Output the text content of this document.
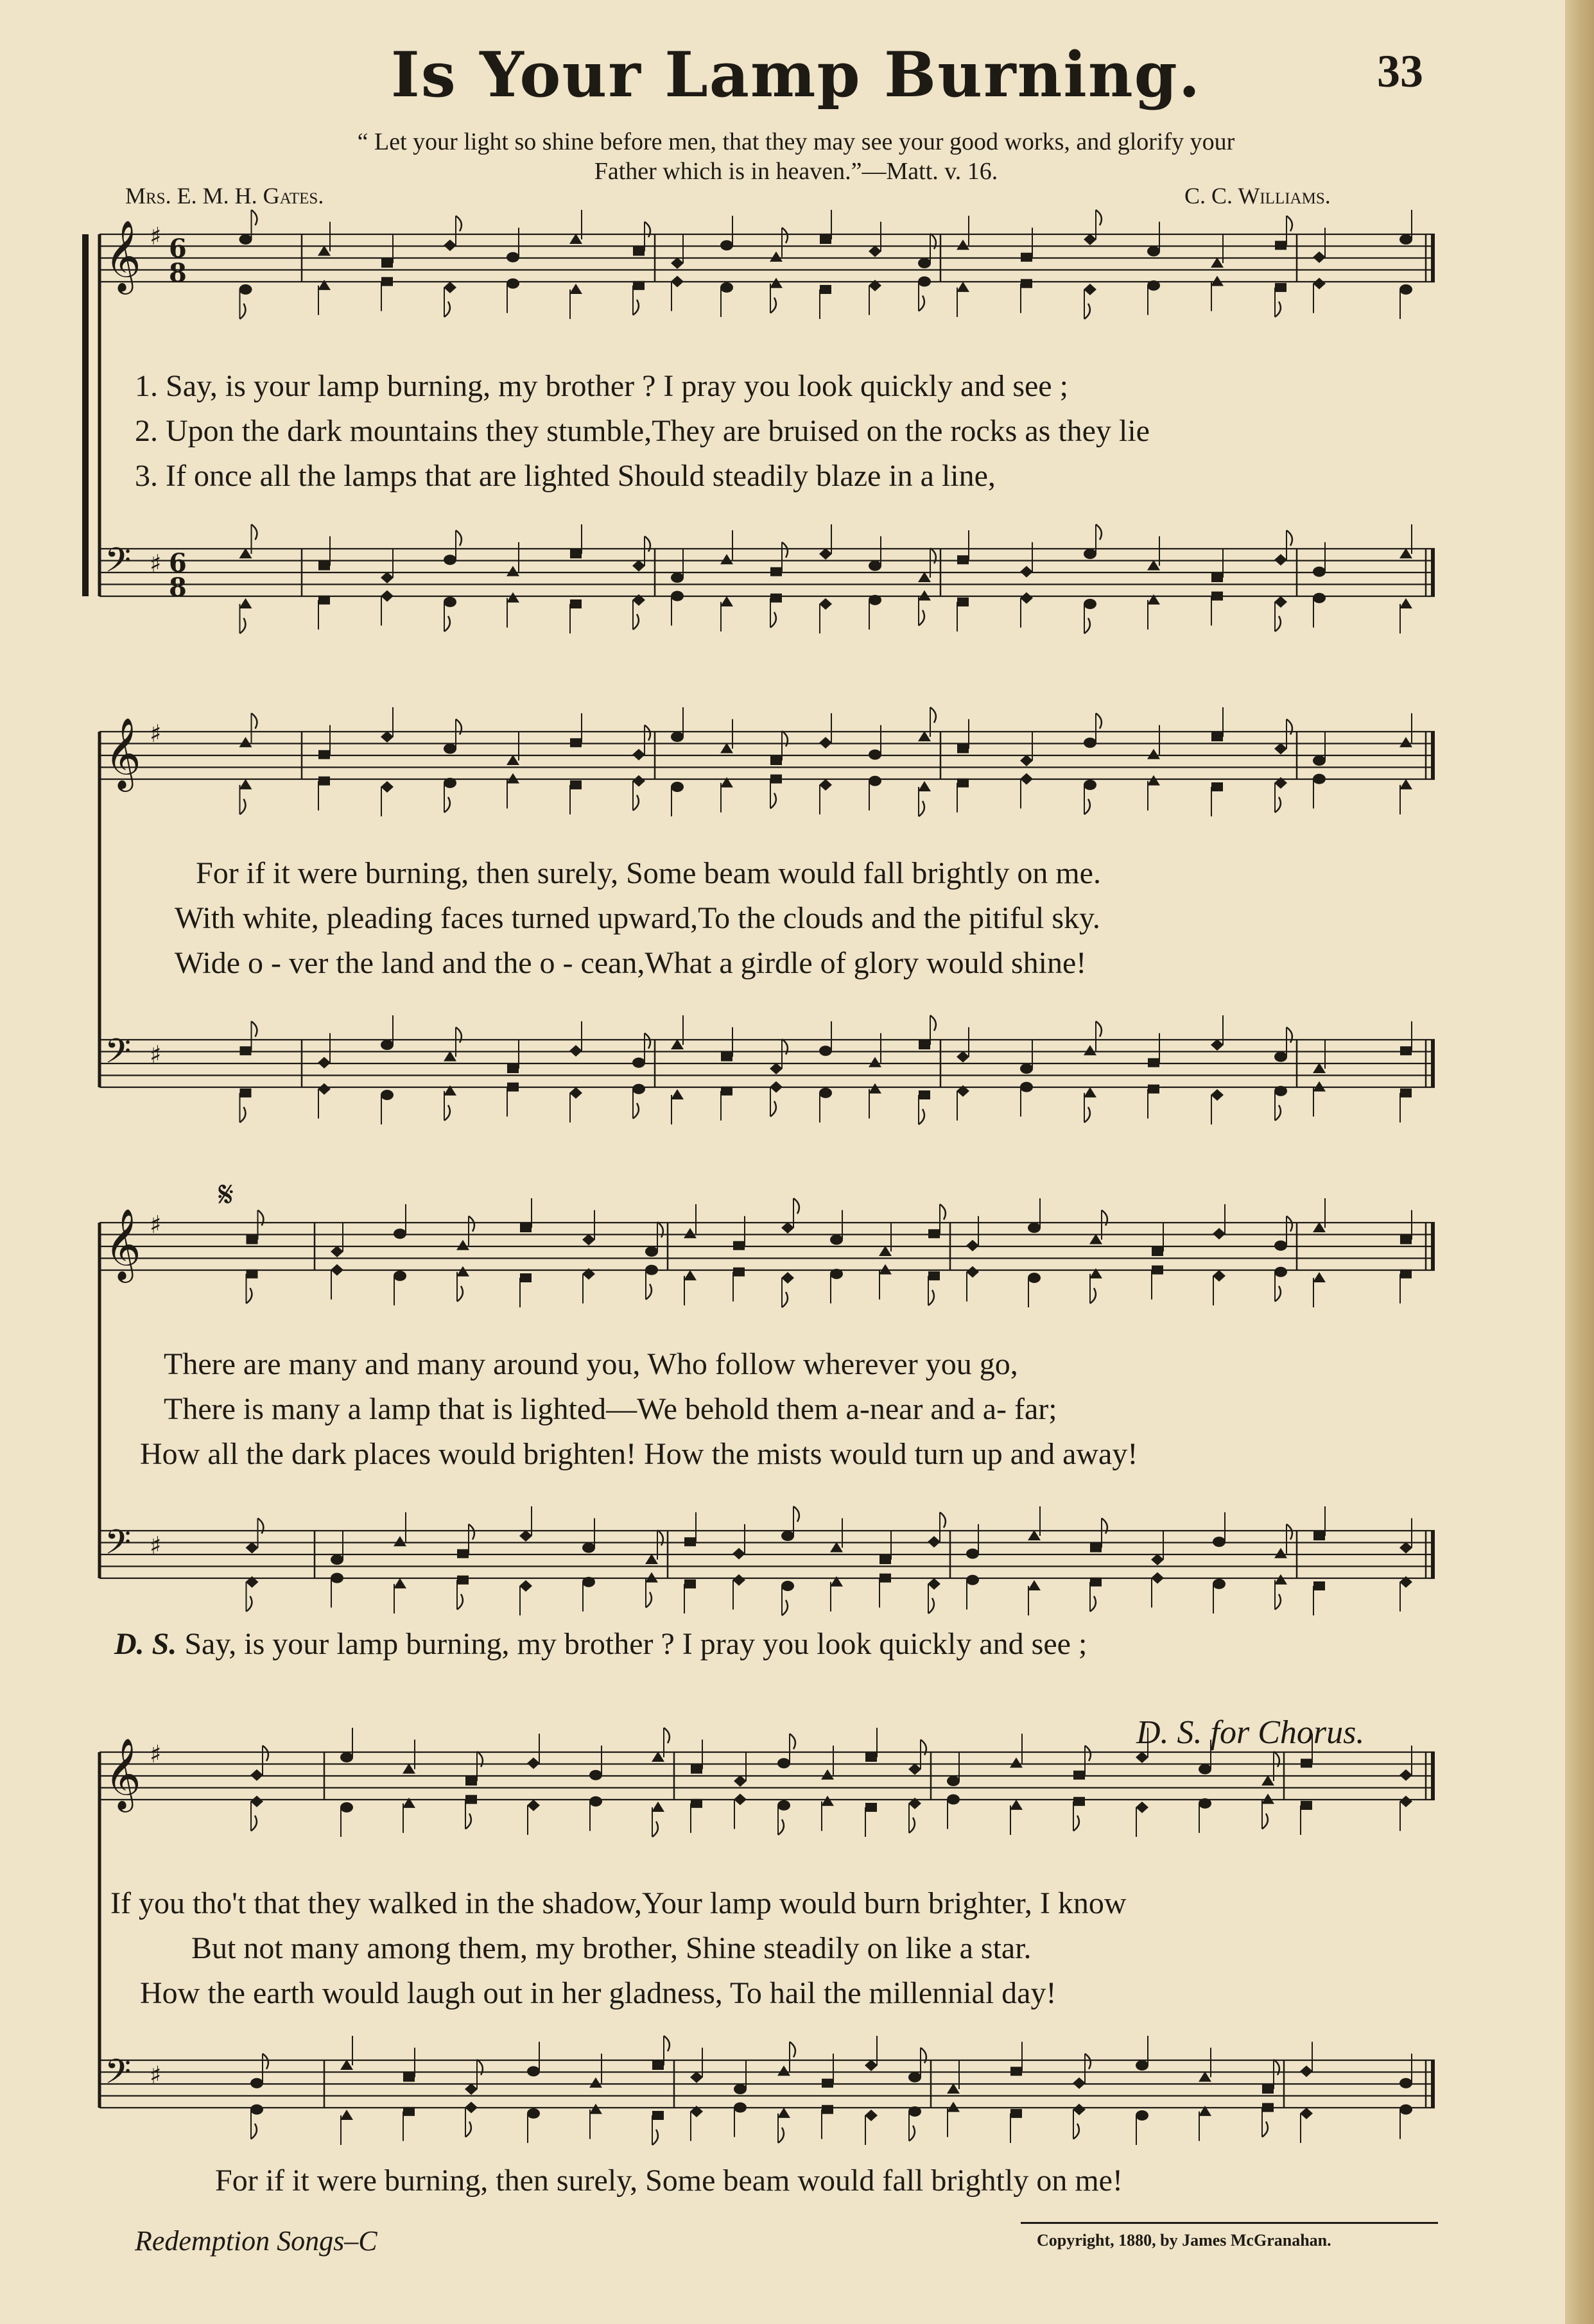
Is Your Lamp Burning.	33
“ Let your light so shine before men, that they may see your good works, and glorify your
Father which is in heaven.”—Matt. v. 16.
Mrs. E. M. H. Gates.	C. C. Williams.
𝄞 ♯ 6
8
𝄢 ♯ 6
8
𝄞 ♯
𝄢 ♯
𝄞 ♯
𝄢 ♯
𝄞 ♯
𝄢 ♯
𝄋
1. Say, is your lamp burning, my brother ? I pray you look quickly and see ;
2. Upon the dark mountains they stumble,They are bruised on the rocks as they lie
3. If once all the lamps that are lighted Should steadily blaze in a line,
For if it were burning, then surely, Some beam would fall brightly on me.
With white, pleading faces turned upward,To the clouds and the pitiful sky.
Wide o - ver the land and the o - cean,What a girdle of glory would shine!
There are many and many around you, Who follow wherever you go,
There is many a lamp that is lighted—We behold them a-near and a- far;
How all the dark places would brighten! How the mists would turn up and away!
D. S. Say, is your lamp burning, my brother ? I pray you look quickly and see ;
D. S. for Chorus.
If you tho't that they walked in the shadow,Your lamp would burn brighter, I know
But not many among them, my brother, Shine steadily on like a star.
How the earth would laugh out in her gladness, To hail the millennial day!
For if it were burning, then surely, Some beam would fall brightly on me!
Redemption Songs–C	Copyright, 1880, by James McGranahan.
